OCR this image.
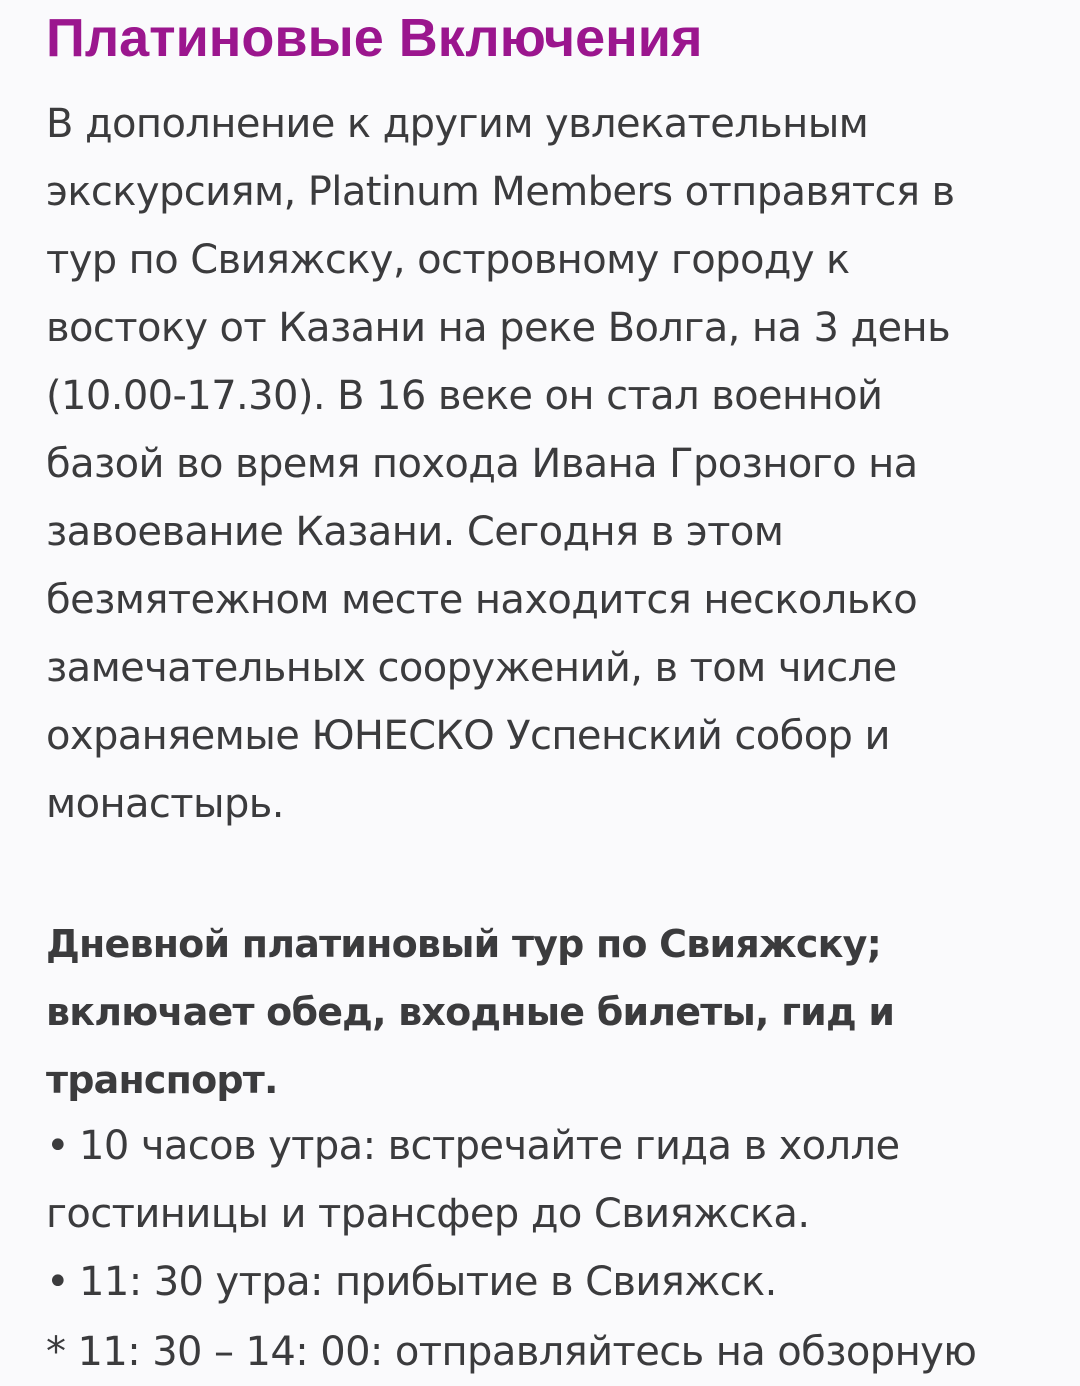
Платиновые Включения

В дополнение к другим увлекательным
экскурсиям, Platinum Members отправятся в
тур по Свияжску, островному городу к
востоку от Казани на реке Волга, на 3 день
(10.00-17.30). В 16 веке он стал военной
базой во время похода Ивана Грозного на
завоевание Казани. Сегодня в этом
безмятежном месте находится несколько
замечательных сооружений, в том числе
охраняемые ЮНЕСКО Успенский собор и
монастырь.

Дневной платиновый тур по Свияжску;
включает обед, входные билеты, гид и
транспорт.
• 10 часов утра: встречайте гида в холле
гостиницы и трансфер до Свияжска.
• 11: 30 утра: прибытие в Свияжск.
* 11: 30 – 14: 00: отправляйтесь на обзорную
